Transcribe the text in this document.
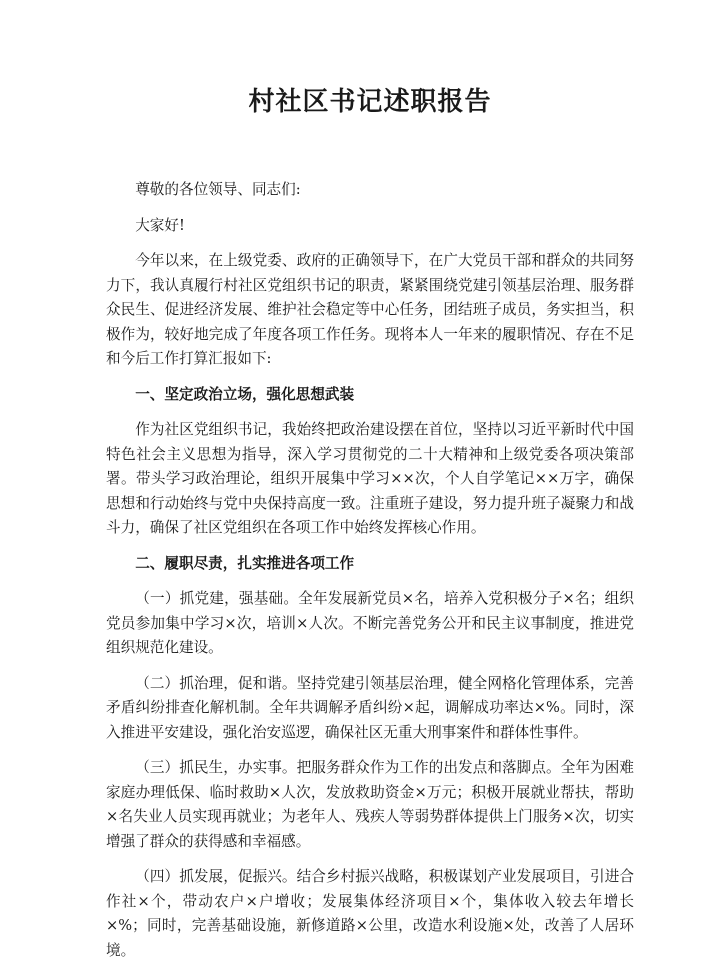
村社区书记述职报告

尊敬的各位领导、同志们:

大家好!

今年以来，在上级党委、政府的正确领导下，在广大党员干部和群众的共同努力下，我认真履行村社区党组织书记的职责，紧紧围绕党建引领基层治理、服务群众民生、促进经济发展、维护社会稳定等中心任务，团结班子成员，务实担当，积极作为，较好地完成了年度各项工作任务。现将本人一年来的履职情况、存在不足和今后工作打算汇报如下:

一、坚定政治立场，强化思想武装

作为社区党组织书记，我始终把政治建设摆在首位，坚持以习近平新时代中国特色社会主义思想为指导，深入学习贯彻党的二十大精神和上级党委各项决策部署。带头学习政治理论，组织开展集中学习××次，个人自学笔记××万字，确保思想和行动始终与党中央保持高度一致。注重班子建设，努力提升班子凝聚力和战斗力，确保了社区党组织在各项工作中始终发挥核心作用。

二、履职尽责，扎实推进各项工作

（一）抓党建，强基础。全年发展新党员×名，培养入党积极分子×名；组织党员参加集中学习×次，培训×人次。不断完善党务公开和民主议事制度，推进党组织规范化建设。

（二）抓治理，促和谐。坚持党建引领基层治理，健全网格化管理体系，完善矛盾纠纷排查化解机制。全年共调解矛盾纠纷×起，调解成功率达×%。同时，深入推进平安建设，强化治安巡逻，确保社区无重大刑事案件和群体性事件。

（三）抓民生，办实事。把服务群众作为工作的出发点和落脚点。全年为困难家庭办理低保、临时救助×人次，发放救助资金×万元；积极开展就业帮扶，帮助×名失业人员实现再就业；为老年人、残疾人等弱势群体提供上门服务×次，切实增强了群众的获得感和幸福感。

（四）抓发展，促振兴。结合乡村振兴战略，积极谋划产业发展项目，引进合作社×个，带动农户×户增收；发展集体经济项目×个，集体收入较去年增长×%；同时，完善基础设施，新修道路×公里，改造水利设施×处，改善了人居环境。
